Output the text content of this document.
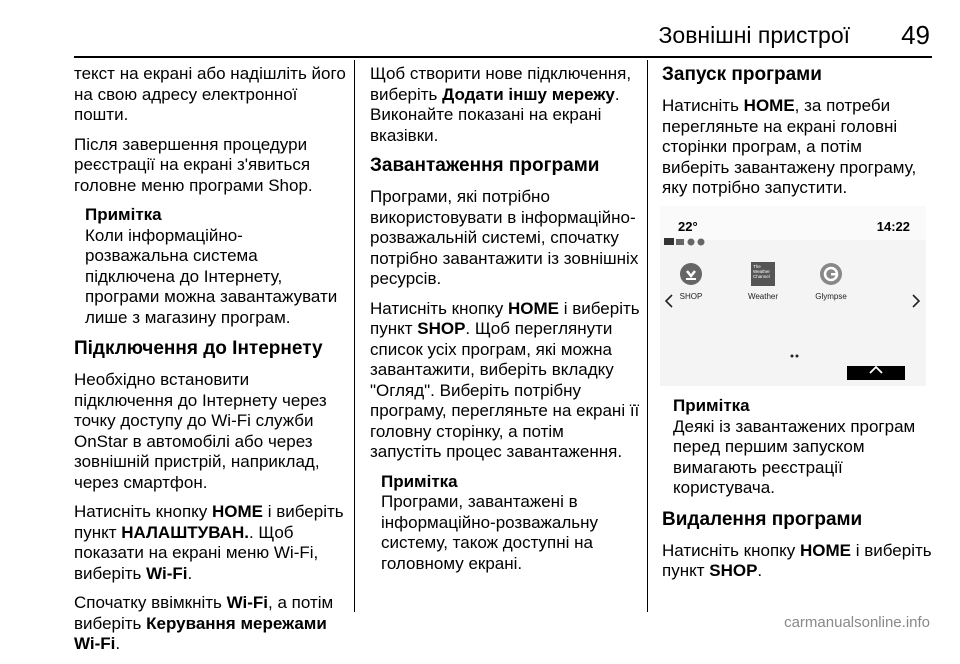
Зовнішні пристрої	49

текст на екрані або надішліть його на свою адресу електронної пошти.

Після завершення процедури реєстрації на екрані з'явиться головне меню програми Shop.

Примітка
Коли інформаційно-розважальна система підключена до Інтернету, програми можна завантажувати лише з магазину програм.
Підключення до Інтернету

Необхідно встановити підключення до Інтернету через точку доступу до Wi-Fi служби OnStar в автомобілі або через зовнішній пристрій, наприклад, через смартфон.

Натисніть кнопку HOME і виберіть пункт НАЛАШТУВАН.. Щоб показати на екрані меню Wi-Fi, виберіть Wi-Fi.

Спочатку ввімкніть Wi-Fi, а потім виберіть Керування мережами Wi-Fi.

Щоб створити нове підключення, виберіть Додати іншу мережу. Виконайте показані на екрані вказівки.

Завантаження програми

Програми, які потрібно використовувати в інформаційно-розважальній системі, спочатку потрібно завантажити із зовнішніх ресурсів.

Натисніть кнопку HOME і виберіть пункт SHOP. Щоб переглянути список усіх програм, які можна завантажити, виберіть вкладку "Огляд". Виберіть потрібну програму, перегляньте на екрані її головну сторінку, а потім запустіть процес завантаження.

Примітка
Програми, завантажені в інформаційно-розважальну систему, також доступні на головному екрані.
Запуск програми

Натисніть HOME, за потреби перегляньте на екрані головні сторінки програм, а потім виберіть завантажену програму, яку потрібно запустити.

Примітка
Деякі із завантажених програм перед першим запуском вимагають реєстрації користувача.
Видалення програми

Натисніть кнопку HOME і виберіть пункт SHOP.

22°	14:22
SHOP
The Weather Channel
Weather	Glympse
carmanualsonline.info
